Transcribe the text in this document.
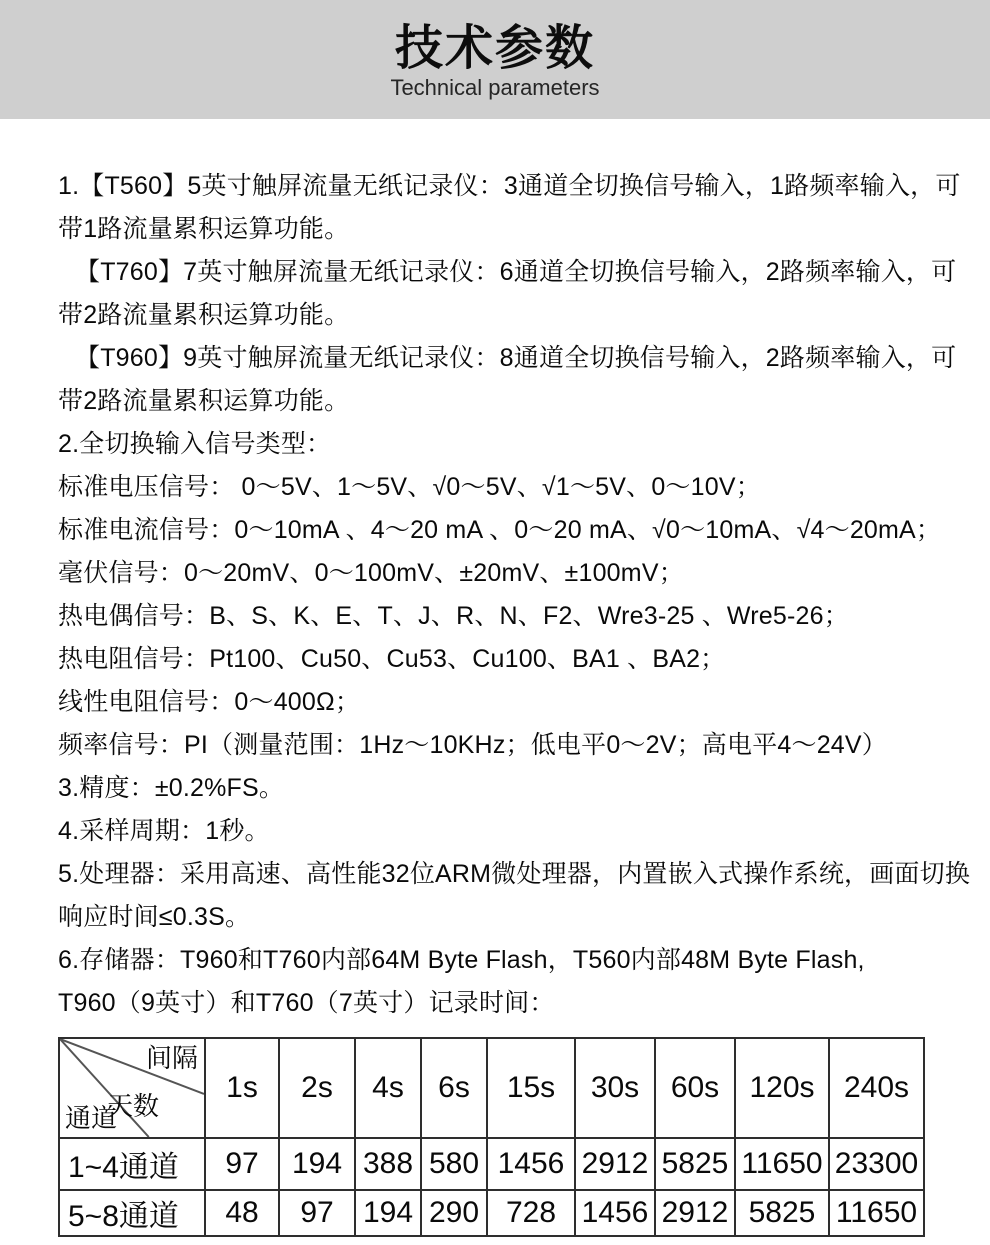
技术参数
Technical parameters
1.【T560】5英寸触屏流量无纸记录仪：3通道全切换信号输入，1路频率输入，可
带1路流量累积运算功能。
【T760】7英寸触屏流量无纸记录仪：6通道全切换信号输入，2路频率输入，可
带2路流量累积运算功能。
【T960】9英寸触屏流量无纸记录仪：8通道全切换信号输入，2路频率输入，可
带2路流量累积运算功能。
2.全切换输入信号类型：
标准电压信号： 0～5V、1～5V、√0～5V、√1～5V、0～10V；
标准电流信号：0～10mA 、4～20 mA 、0～20 mA、√0～10mA、√4～20mA；
毫伏信号：0～20mV、0～100mV、±20mV、±100mV；
热电偶信号：B、S、K、E、T、J、R、N、F2、Wre3-25 、Wre5-26；
热电阻信号：Pt100、Cu50、Cu53、Cu100、BA1 、BA2；
线性电阻信号：0～400Ω；
频率信号：PI（测量范围：1Hz～10KHz；低电平0～2V；高电平4～24V）
3.精度：±0.2%FS。
4.采样周期：1秒。
5.处理器：采用高速、高性能32位ARM微处理器，内置嵌入式操作系统，画面切换
响应时间≤0.3S。
6.存储器：T960和T760内部64M Byte Flash，T560内部48M Byte Flash,
T960（9英寸）和T760（7英寸）记录时间：
间隔
天数
通道	1s	2s	4s	6s	15s	30s	60s	120s	240s
1~4通道	97	194	388	580	1456	2912	5825	11650	23300
5~8通道	48	97	194	290	728	1456	2912	5825	11650
